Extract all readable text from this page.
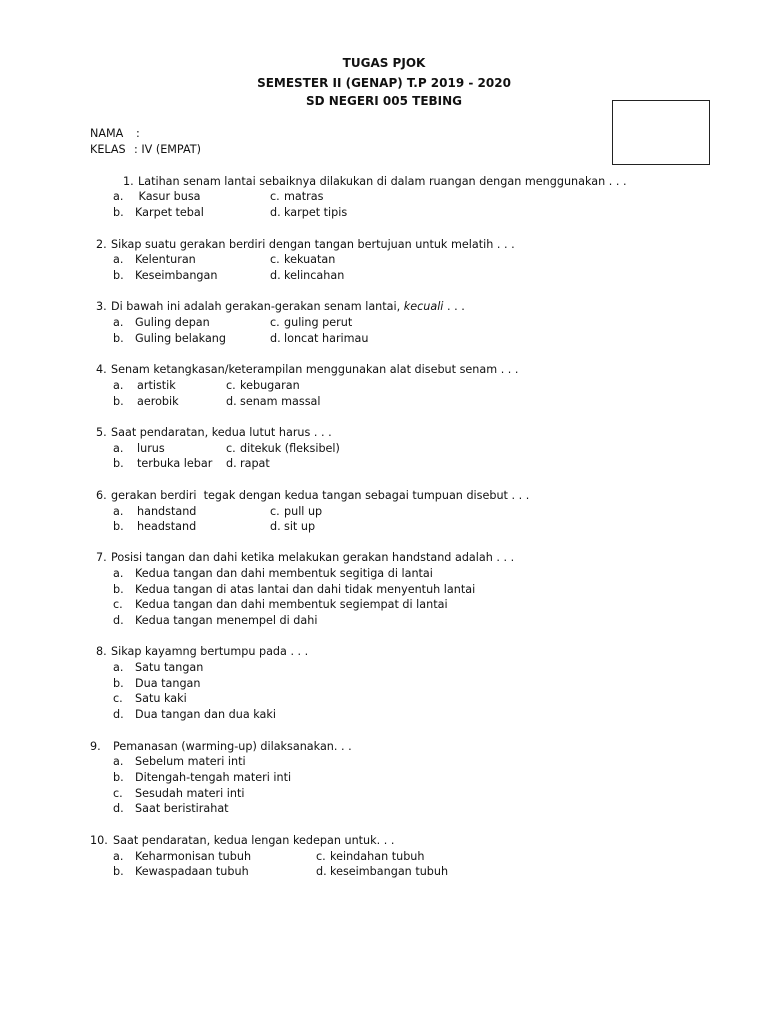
TUGAS PJOK
SEMESTER II (GENAP) T.P 2019 - 2020
SD NEGERI 005 TEBING
NAMA :
KELAS : IV (EMPAT)
1. Latihan senam lantai sebaiknya dilakukan di dalam ruangan dengan menggunakan . . .
a. Kasur busa	c. matras
b. Karpet tebal	d. karpet tipis
2. Sikap suatu gerakan berdiri dengan tangan bertujuan untuk melatih . . .
a. Kelenturan	c. kekuatan
b. Keseimbangan	d. kelincahan
3. Di bawah ini adalah gerakan-gerakan senam lantai, kecuali . . .
a. Guling depan	c. guling perut
b. Guling belakang	d. loncat harimau
4. Senam ketangkasan/keterampilan menggunakan alat disebut senam . . .
a. artistik	c. kebugaran
b. aerobik	d. senam massal
5. Saat pendaratan, kedua lutut harus . . .
a. lurus	c. ditekuk (fleksibel)
b. terbuka lebar d. rapat
6. gerakan berdiri  tegak dengan kedua tangan sebagai tumpuan disebut . . .
a. handstand	c. pull up
b. headstand	d. sit up
7. Posisi tangan dan dahi ketika melakukan gerakan handstand adalah . . .
a. Kedua tangan dan dahi membentuk segitiga di lantai
b. Kedua tangan di atas lantai dan dahi tidak menyentuh lantai
c. Kedua tangan dan dahi membentuk segiempat di lantai
d. Kedua tangan menempel di dahi
8. Sikap kayamng bertumpu pada . . .
a. Satu tangan
b. Dua tangan
c. Satu kaki
d. Dua tangan dan dua kaki
9. Pemanasan (warming-up) dilaksanakan. . .
a. Sebelum materi inti
b. Ditengah-tengah materi inti
c. Sesudah materi inti
d. Saat beristirahat
10. Saat pendaratan, kedua lengan kedepan untuk. . .
a. Keharmonisan tubuh	c. keindahan tubuh
b. Kewaspadaan tubuh	d. keseimbangan tubuh
